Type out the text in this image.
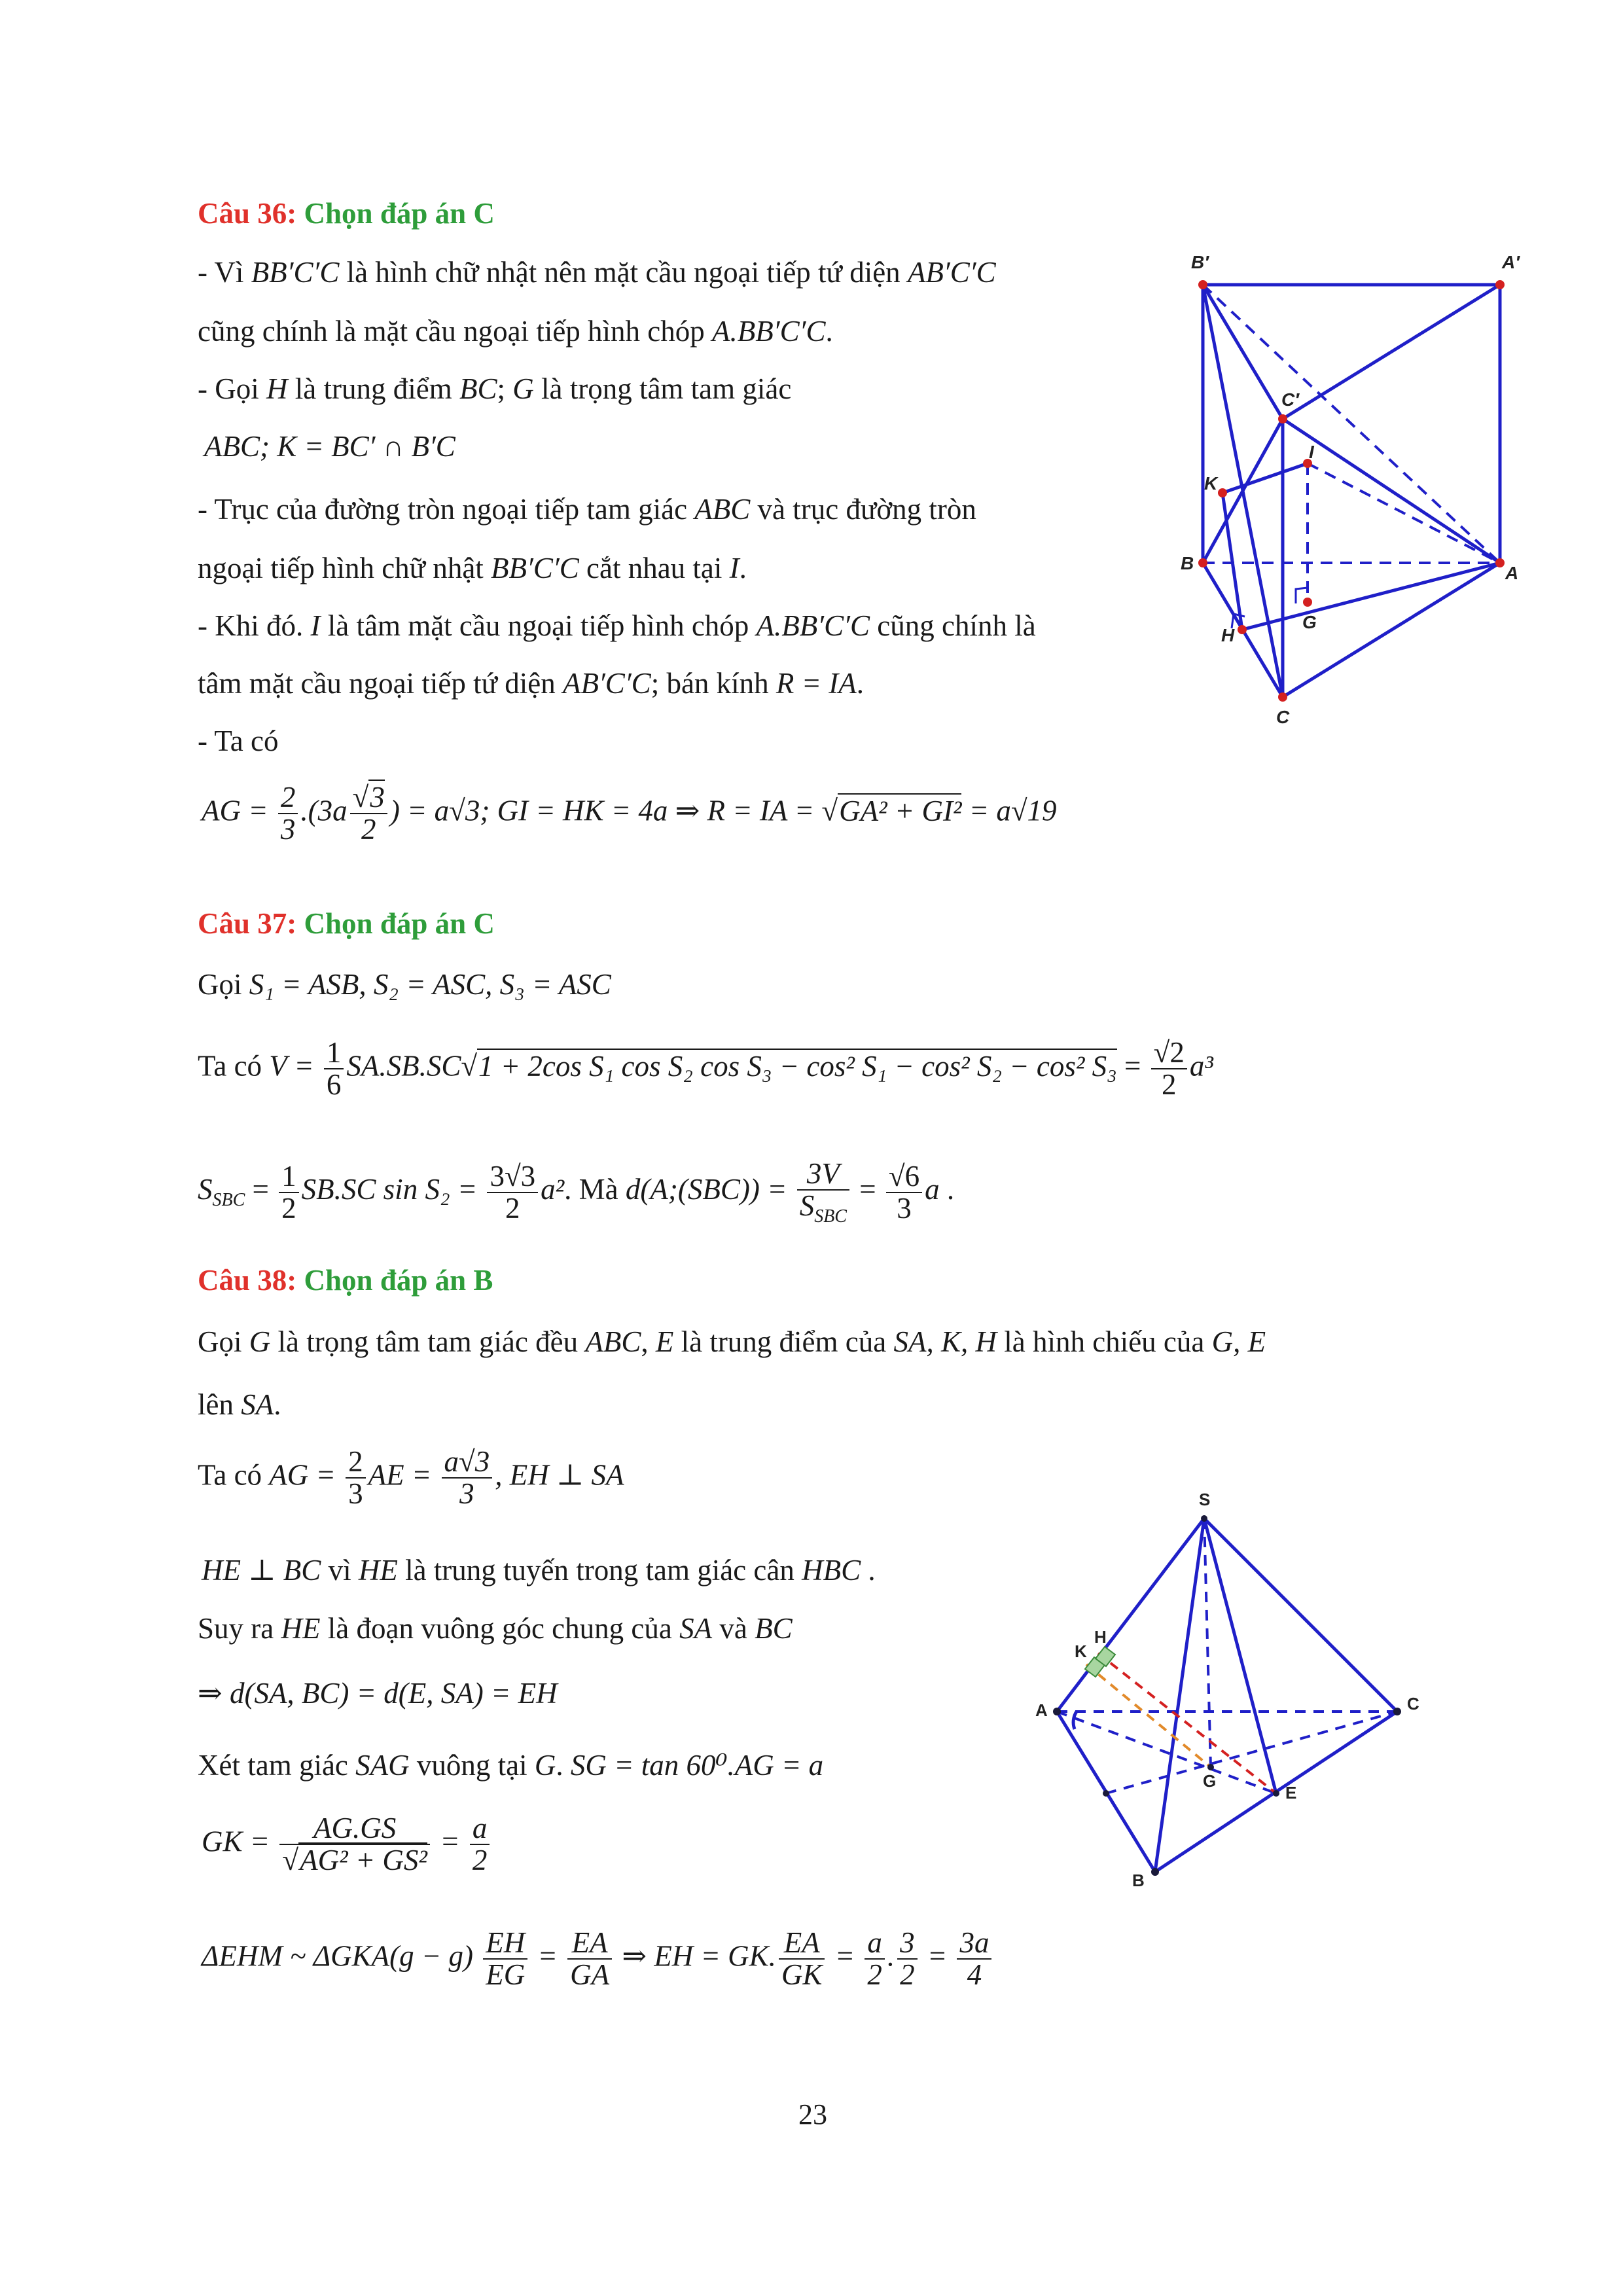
Câu 36: Chọn đáp án C
- Vì BB′C′C là hình chữ nhật nên mặt cầu ngoại tiếp tứ diện AB′C′C
cũng chính là mặt cầu ngoại tiếp hình chóp A.BB′C′C.
- Gọi H là trung điểm BC; G là trọng tâm tam giác
ABC; K = BC′ ∩ B′C
- Trục của đường tròn ngoại tiếp tam giác ABC và trục đường tròn
ngoại tiếp hình chữ nhật BB′C′C cắt nhau tại I.
- Khi đó. I là tâm mặt cầu ngoại tiếp hình chóp A.BB′C′C cũng chính là
tâm mặt cầu ngoại tiếp tứ diện AB′C′C; bán kính R = IA.
- Ta có
AG = $\frac{2}{3} .(3a \frac{√3}{2}$ ) = a√3; GI = HK = 4a ⇒ R = IA = √GA² + GI² = a√19
B′	A′
C′
I
K
B	A
H
G
C
Câu 37: Chọn đáp án C
Gọi S₁ = ASB, S₂ = ASC, S₃ = ASC
Ta có $V = \frac{1}{6} SA.SB.SC√1 + 2\cos$ S₁ cos S₂ cos S₃ − cos² S₁ − cos² S₂ − cos² $S_3 = \frac{√2}{2} a^3$
$S_{SBC} = \frac{1}{2} SB.SC$ $\sin S_2 = \frac{3√3}{2} a^2$. Mà d(A;(SBC)) = $\frac{3V}{S_{SBC}} = \frac{√6}{3}$ a .
Câu 38: Chọn đáp án B
Gọi G là trọng tâm tam giác đều ABC, E là trung điểm của SA, K, H là hình chiếu của G, E
lên SA.
Ta có AG = $\frac{2}{3}$ AE = $\frac{a√3}{3}$ , EH ⊥ SA
HE ⊥ BC vì HE là trung tuyến trong tam giác cân HBC .
Suy ra HE là đoạn vuông góc chung của SA và BC
⇒ d(SA, BC) = d(E, SA) = EH
Xét tam giác SAG vuông tại G. SG = tan 60⁰.AG = a
GK = $\frac{AG.GS}{\text{√AG² + GS²}} = \frac{a}{2}$
ΔEHM ~ $\Delta GKA(g - g) \frac{EH}{EG} = \frac{EA}{GA}$ ⇒ EH = GK. $\frac{EA}{GK} = \frac{a}{2}$ . $\frac{3}{2} = \frac{3a}{4}$
S
H
K
A	C
G
E
B
23
